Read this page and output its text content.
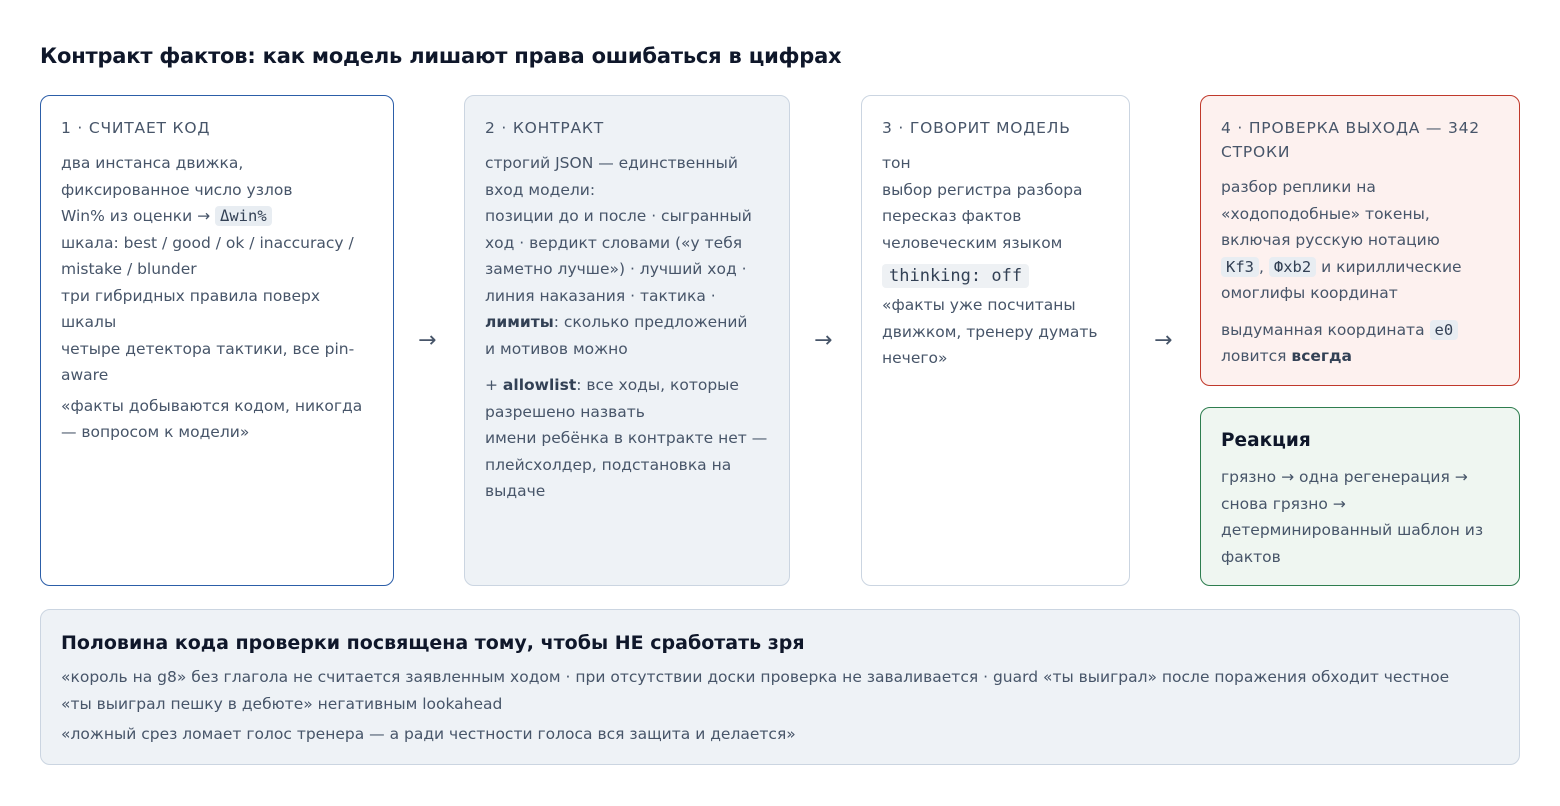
Контракт фактов: как модель лишают права ошибаться в цифрах
1 · СЧИТАЕТ КОД
два инстанса движка,
фиксированное число узлов
Win% из оценки → Δwin%
шкала: best / good / ok / inaccuracy /
mistake / blunder
три гибридных правила поверх
шкалы
четыре детектора тактики, все pin-
aware
«факты добываются кодом, никогда
— вопросом к модели»
→
2 · КОНТРАКТ
строгий JSON — единственный
вход модели:
позиции до и после · сыгранный
ход · вердикт словами («у тебя
заметно лучше») · лучший ход ·
линия наказания · тактика ·
лимиты: сколько предложений
и мотивов можно
+ allowlist: все ходы, которые
разрешено назвать
имени ребёнка в контракте нет —
плейсхолдер, подстановка на
выдаче
→
3 · ГОВОРИТ МОДЕЛЬ
тон
выбор регистра разбора
пересказ фактов
человеческим языком
thinking: off
«факты уже посчитаны
движком, тренеру думать
нечего»
→
4 · ПРОВЕРКА ВЫХОДА — 342
СТРОКИ
разбор реплики на
«ходоподобные» токены,
включая русскую нотацию
Кf3 , Фxb2 и кириллические
омоглифы координат
выдуманная координата е0
ловится всегда
Реакция
грязно → одна регенерация →
снова грязно →
детерминированный шаблон из
фактов
Половина кода проверки посвящена тому, чтобы НЕ сработать зря
«король на g8» без глагола не считается заявленным ходом · при отсутствии доски проверка не заваливается · guard «ты выиграл» после поражения обходит честное
«ты выиграл пешку в дебюте» негативным lookahead
«ложный срез ломает голос тренера — а ради честности голоса вся защита и делается»
